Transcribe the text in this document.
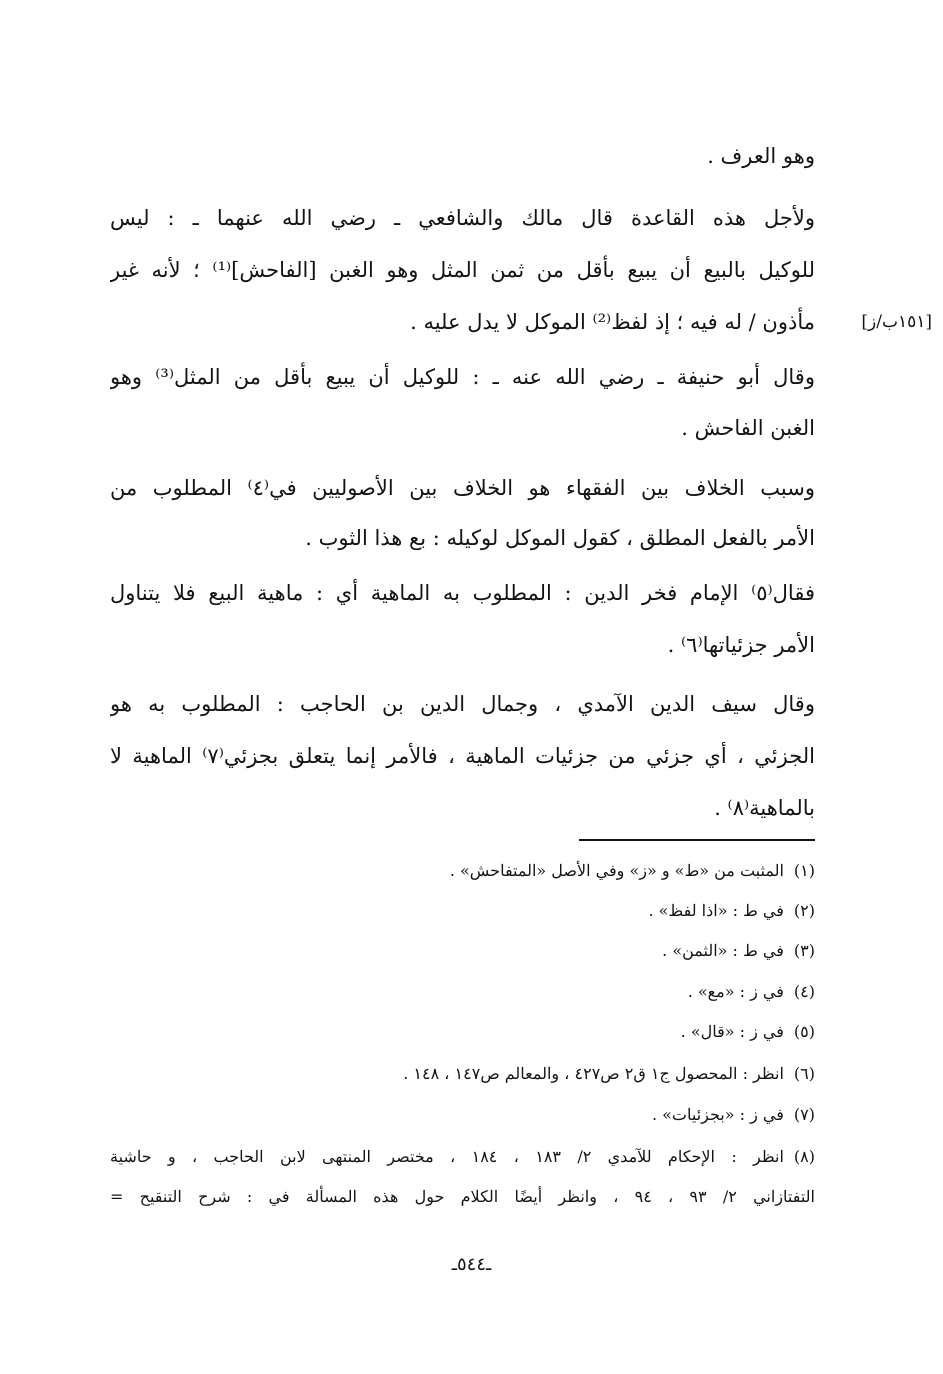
وهو العرف .
ولأجل هذه القاعدة قال مالك والشافعي ـ رضي الله عنهما ـ : ليس
للوكيل بالبيع أن يبيع بأقل من ثمن المثل وهو الغبن [الفاحش]⁽¹⁾ ؛ لأنه غير
مأذون / له فيه ؛ إذ لفظ⁽²⁾ الموكل لا يدل عليه .	[١٥١ب/ز]
وقال أبو حنيفة ـ رضي الله عنه ـ : للوكيل أن يبيع بأقل من المثل⁽³⁾ وهو
الغبن الفاحش .
وسبب الخلاف بين الفقهاء هو الخلاف بين الأصوليين في⁽٤⁾ المطلوب من
الأمر بالفعل المطلق ، كقول الموكل لوكيله : بع هذا الثوب .
فقال⁽٥⁾ الإمام فخر الدين : المطلوب به الماهية أي : ماهية البيع فلا يتناول
الأمر جزئياتها⁽٦⁾ .
وقال سيف الدين الآمدي ، وجمال الدين بن الحاجب : المطلوب به هو
الجزئي ، أي جزئي من جزئيات الماهية ، فالأمر إنما يتعلق بجزئي⁽٧⁾ الماهية لا
بالماهية⁽٨⁾ .
(١)المثبت من «ط» و «ز» وفي الأصل «المتفاحش» .
(٢)في ط : «اذا لفظ» .
(٣)في ط : «الثمن» .
(٤)في ز : «مع» .
(٥)في ز : «قال» .
(٦)انظر : المحصول ج١ ق٢ ص٤٢٧ ، والمعالم ص١٤٧ ، ١٤٨ .
(٧)في ز : «بجزئيات» .
(٨)انظر : الإحكام للآمدي ٢/ ١٨٣ ، ١٨٤ ، مختصر المنتهى لابن الحاجب ، و حاشية
التفتازاني ٢/ ٩٣ ، ٩٤ ، وانظر أيضًا الكلام حول هذه المسألة في : شرح التنقيح =
ـ٥٤٤ـ
